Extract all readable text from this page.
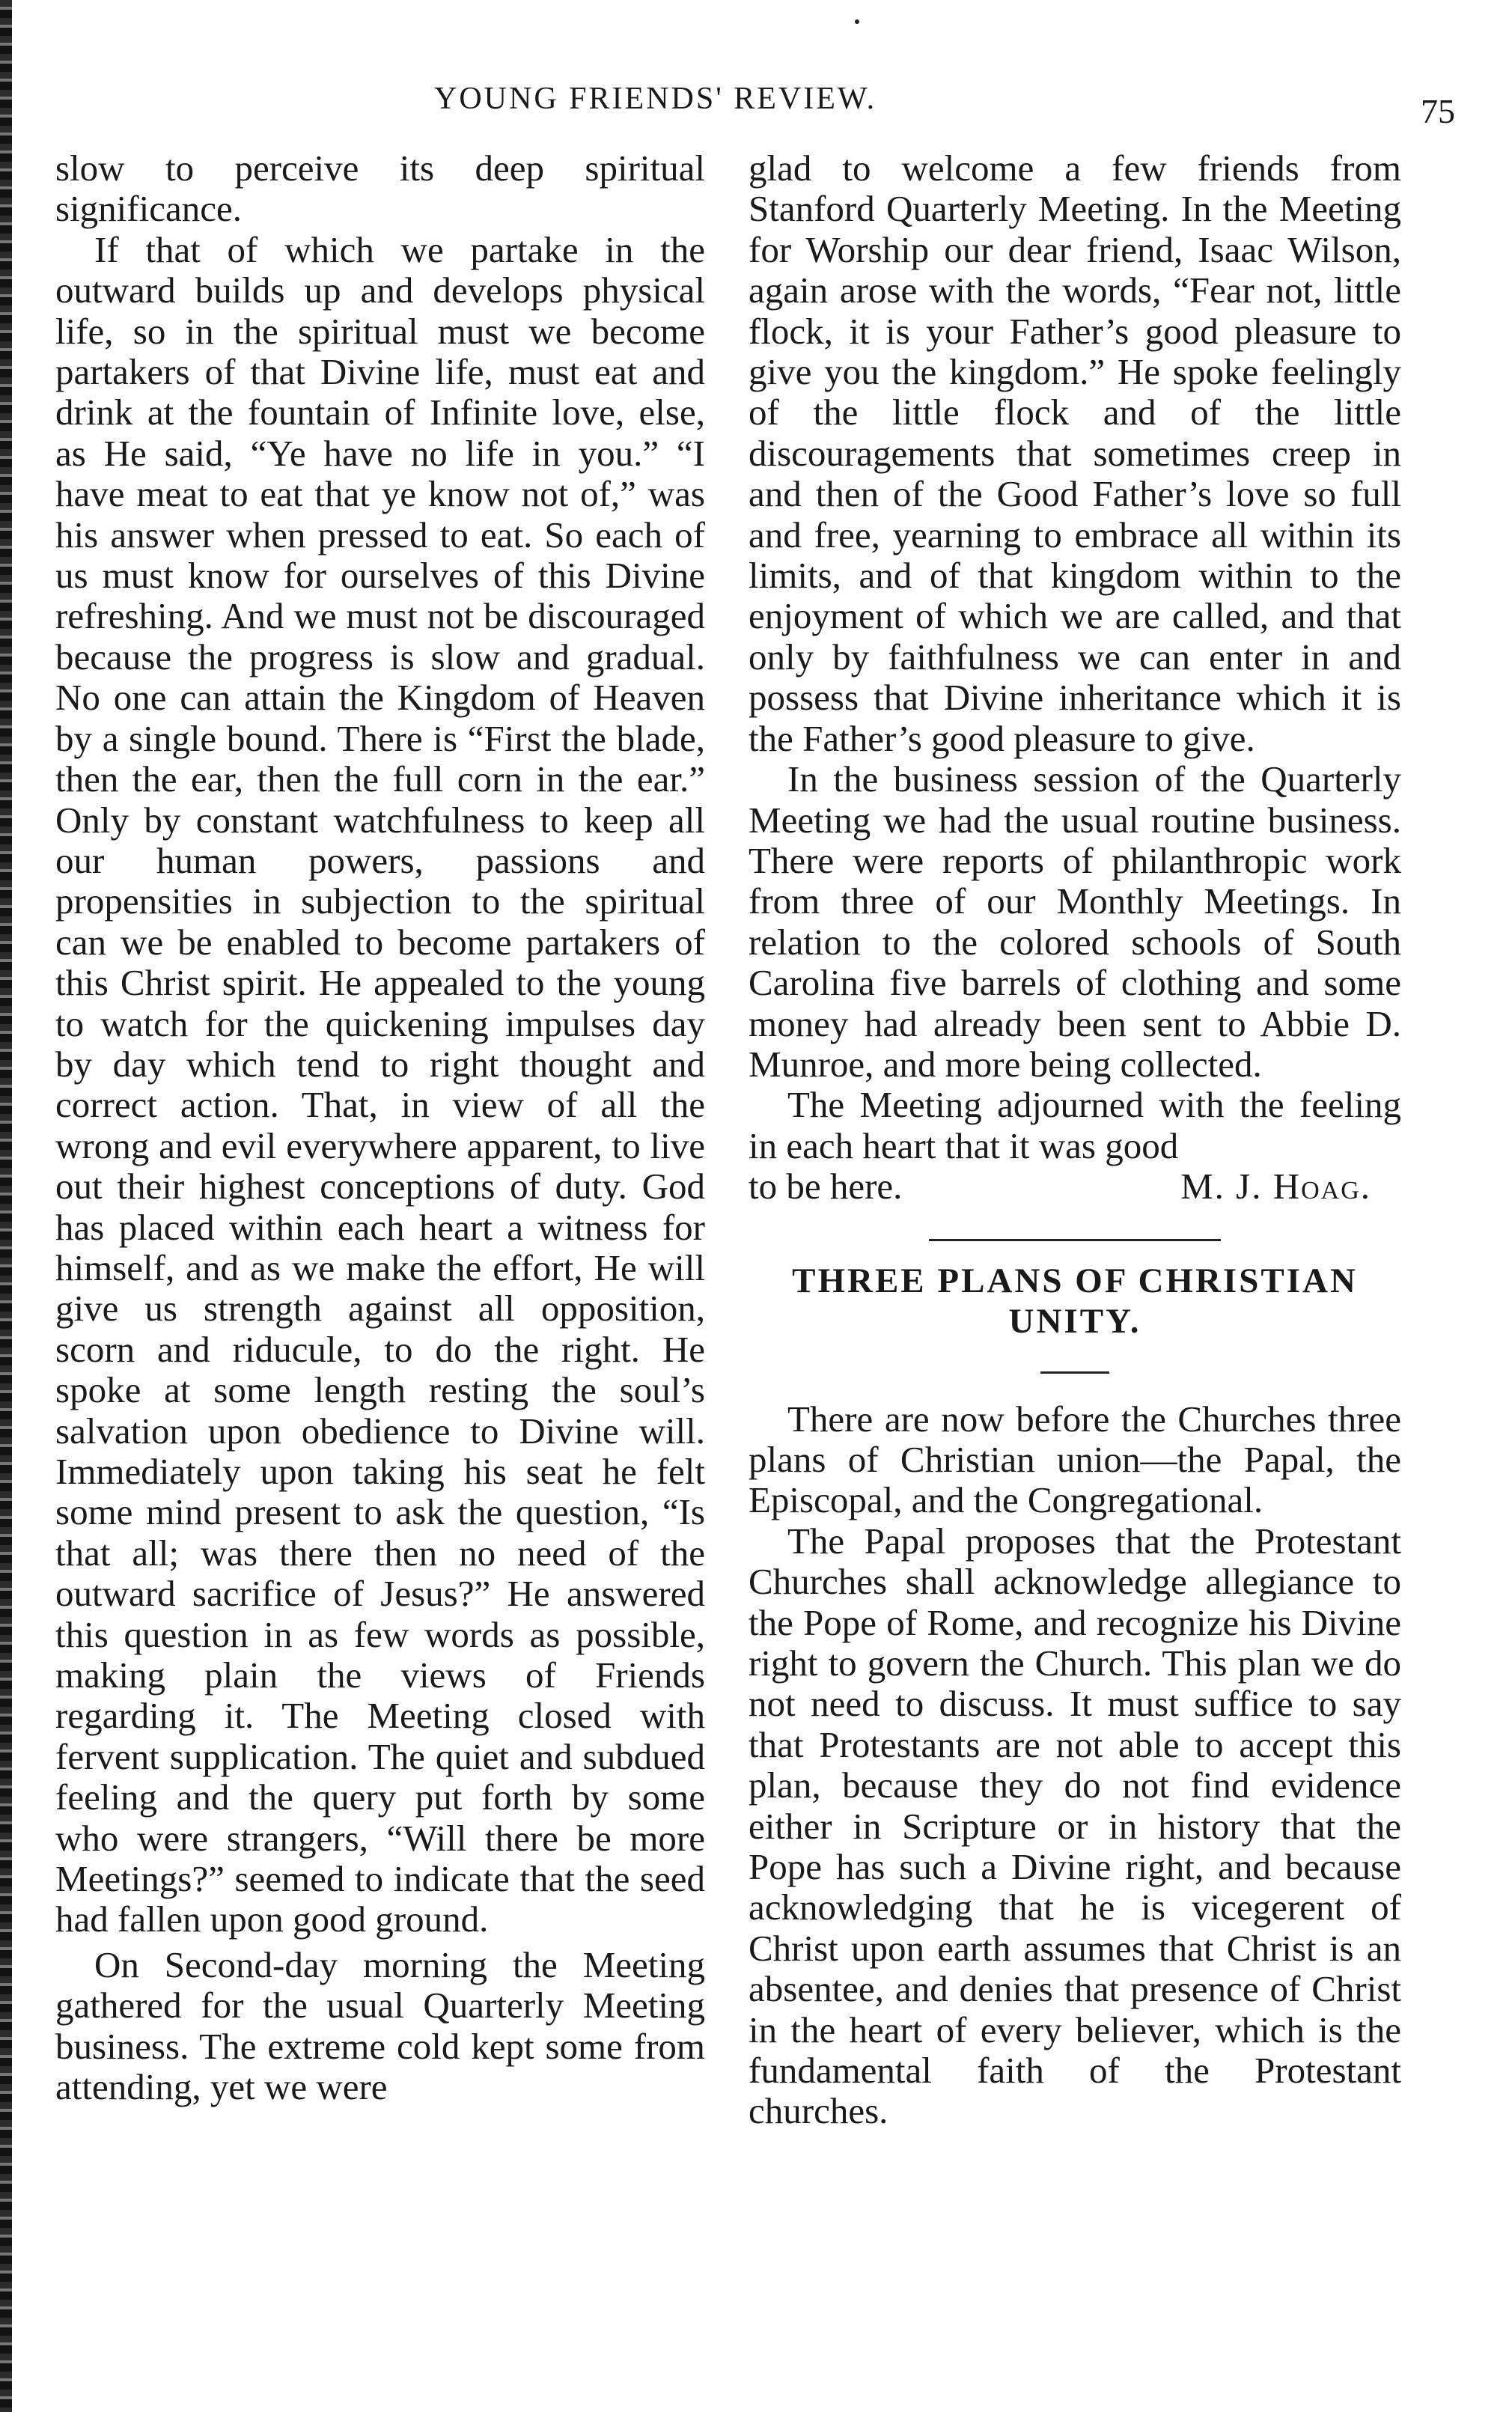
YOUNG FRIENDS' REVIEW.	75

slow to perceive its deep spiritual significance.

If that of which we partake in the outward builds up and develops physical life, so in the spiritual must we become partakers of that Divine life, must eat and drink at the fountain of Infinite love, else, as He said, “Ye have no life in you.” “I have meat to eat that ye know not of,” was his answer when pressed to eat. So each of us must know for ourselves of this Divine refreshing. And we must not be discouraged because the progress is slow and gradual. No one can attain the Kingdom of Heaven by a single bound. There is “First the blade, then the ear, then the full corn in the ear.” Only by constant watchfulness to keep all our human powers, passions and propensities in subjection to the spiritual can we be enabled to become partakers of this Christ spirit. He appealed to the young to watch for the quickening impulses day by day which tend to right thought and correct action. That, in view of all the wrong and evil everywhere apparent, to live out their highest conceptions of duty. God has placed within each heart a witness for himself, and as we make the effort, He will give us strength against all opposition, scorn and riducule, to do the right. He spoke at some length resting the soul’s salvation upon obedience to Divine will. Immediately upon taking his seat he felt some mind present to ask the question, “Is that all; was there then no need of the outward sacrifice of Jesus?” He answered this question in as few words as possible, making plain the views of Friends regarding it. The Meeting closed with fervent supplication. The quiet and subdued feeling and the query put forth by some who were strangers, “Will there be more Meetings?” seemed to indicate that the seed had fallen upon good ground.

On Second-day morning the Meeting gathered for the usual Quarterly Meeting business. The extreme cold kept some from attending, yet we were

glad to welcome a few friends from Stanford Quarterly Meeting. In the Meeting for Worship our dear friend, Isaac Wilson, again arose with the words, “Fear not, little flock, it is your Father’s good pleasure to give you the kingdom.” He spoke feelingly of the little flock and of the little discouragements that sometimes creep in and then of the Good Father’s love so full and free, yearning to embrace all within its limits, and of that kingdom within to the enjoyment of which we are called, and that only by faithfulness we can enter in and possess that Divine inheritance which it is the Father’s good pleasure to give.

In the business session of the Quarterly Meeting we had the usual routine business. There were reports of philanthropic work from three of our Monthly Meetings. In relation to the colored schools of South Carolina five barrels of clothing and some money had already been sent to Abbie D. Munroe, and more being collected.

The Meeting adjourned with the feeling in each heart that it was good

to be here.	M. J. Hoag.

THREE PLANS OF CHRISTIAN
UNITY.

There are now before the Churches three plans of Christian union—the Papal, the Episcopal, and the Congregational.

The Papal proposes that the Protestant Churches shall acknowledge allegiance to the Pope of Rome, and recognize his Divine right to govern the Church. This plan we do not need to discuss. It must suffice to say that Protestants are not able to accept this plan, because they do not find evidence either in Scripture or in history that the Pope has such a Divine right, and because acknowledging that he is vicegerent of Christ upon earth assumes that Christ is an absentee, and denies that presence of Christ in the heart of every believer, which is the fundamental faith of the Protestant churches.
